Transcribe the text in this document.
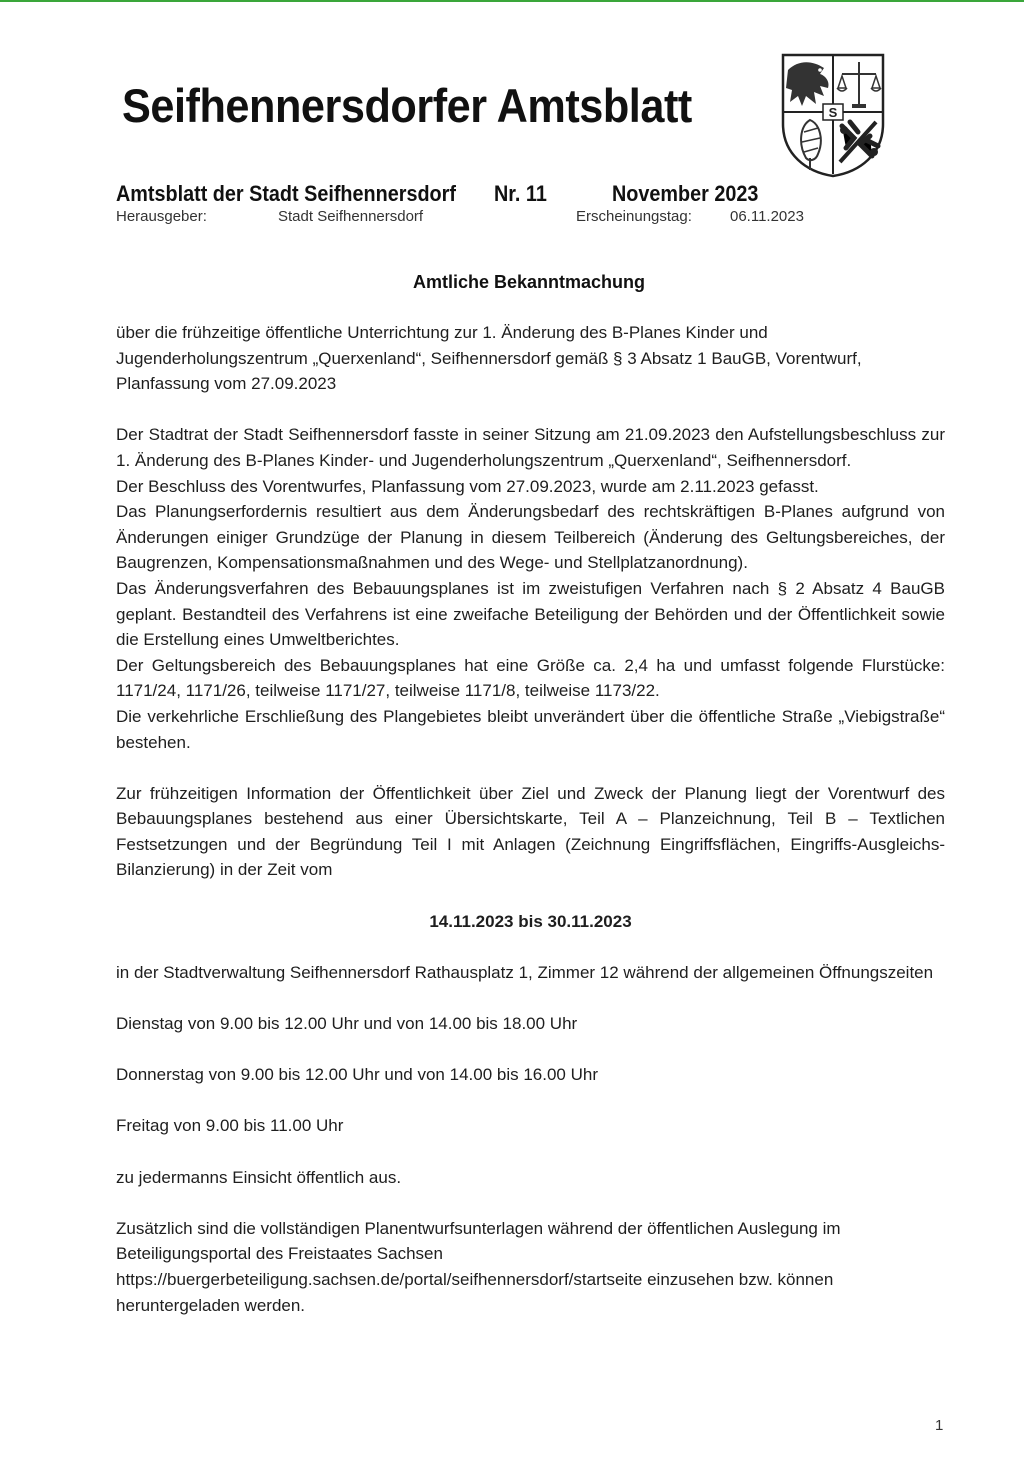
Seifhennersdorfer Amtsblatt	S
Amtsblatt der Stadt Seifhennersdorf Nr. 11	November 2023
Herausgeber:	Stadt Seifhennersdorf	Erscheinungstag:	06.11.2023
Amtliche Bekanntmachung

über die frühzeitige öffentliche Unterrichtung zur 1. Änderung des B-Planes Kinder und Jugenderholungszentrum „Querxenland“, Seifhennersdorf gemäß § 3 Absatz 1 BauGB, Vorentwurf, Planfassung vom 27.09.2023

Der Stadtrat der Stadt Seifhennersdorf fasste in seiner Sitzung am 21.09.2023 den Aufstellungsbeschluss zur 1. Änderung des B-Planes Kinder- und Jugenderholungszentrum „Querxenland“, Seifhennersdorf.

Der Beschluss des Vorentwurfes, Planfassung vom 27.09.2023, wurde am 2.11.2023 gefasst.

Das Planungserfordernis resultiert aus dem Änderungsbedarf des rechtskräftigen B-Planes aufgrund von Änderungen einiger Grundzüge der Planung in diesem Teilbereich (Änderung des Geltungsbereiches, der Baugrenzen, Kompensationsmaßnahmen und des Wege- und Stellplatzanordnung).

Das Änderungsverfahren des Bebauungsplanes ist im zweistufigen Verfahren nach § 2 Absatz 4 BauGB geplant. Bestandteil des Verfahrens ist eine zweifache Beteiligung der Behörden und der Öffentlichkeit sowie die Erstellung eines Umweltberichtes.

Der Geltungsbereich des Bebauungsplanes hat eine Größe ca. 2,4 ha und umfasst folgende Flurstücke: 1171/24, 1171/26, teilweise 1171/27, teilweise 1171/8, teilweise 1173/22.

Die verkehrliche Erschließung des Plangebietes bleibt unverändert über die öffentliche Straße „Viebigstraße“ bestehen.

Zur frühzeitigen Information der Öffentlichkeit über Ziel und Zweck der Planung liegt der Vorentwurf des Bebauungsplanes bestehend aus einer Übersichtskarte, Teil A – Planzeichnung, Teil B – Textlichen Festsetzungen und der Begründung Teil I mit Anlagen (Zeichnung Eingriffsflächen, Eingriffs-Ausgleichs-Bilanzierung) in der Zeit vom

14.11.2023 bis 30.11.2023

in der Stadtverwaltung Seifhennersdorf Rathausplatz 1, Zimmer 12 während der allgemeinen Öffnungszeiten

Dienstag von 9.00 bis 12.00 Uhr und von 14.00 bis 18.00 Uhr

Donnerstag von 9.00 bis 12.00 Uhr und von 14.00 bis 16.00 Uhr

Freitag von 9.00 bis 11.00 Uhr

zu jedermanns Einsicht öffentlich aus.

Zusätzlich sind die vollständigen Planentwurfsunterlagen während der öffentlichen Auslegung im Beteiligungsportal des Freistaates Sachsen https://buergerbeteiligung.sachsen.de/portal/seifhennersdorf/startseite einzusehen bzw. können heruntergeladen werden.

1
